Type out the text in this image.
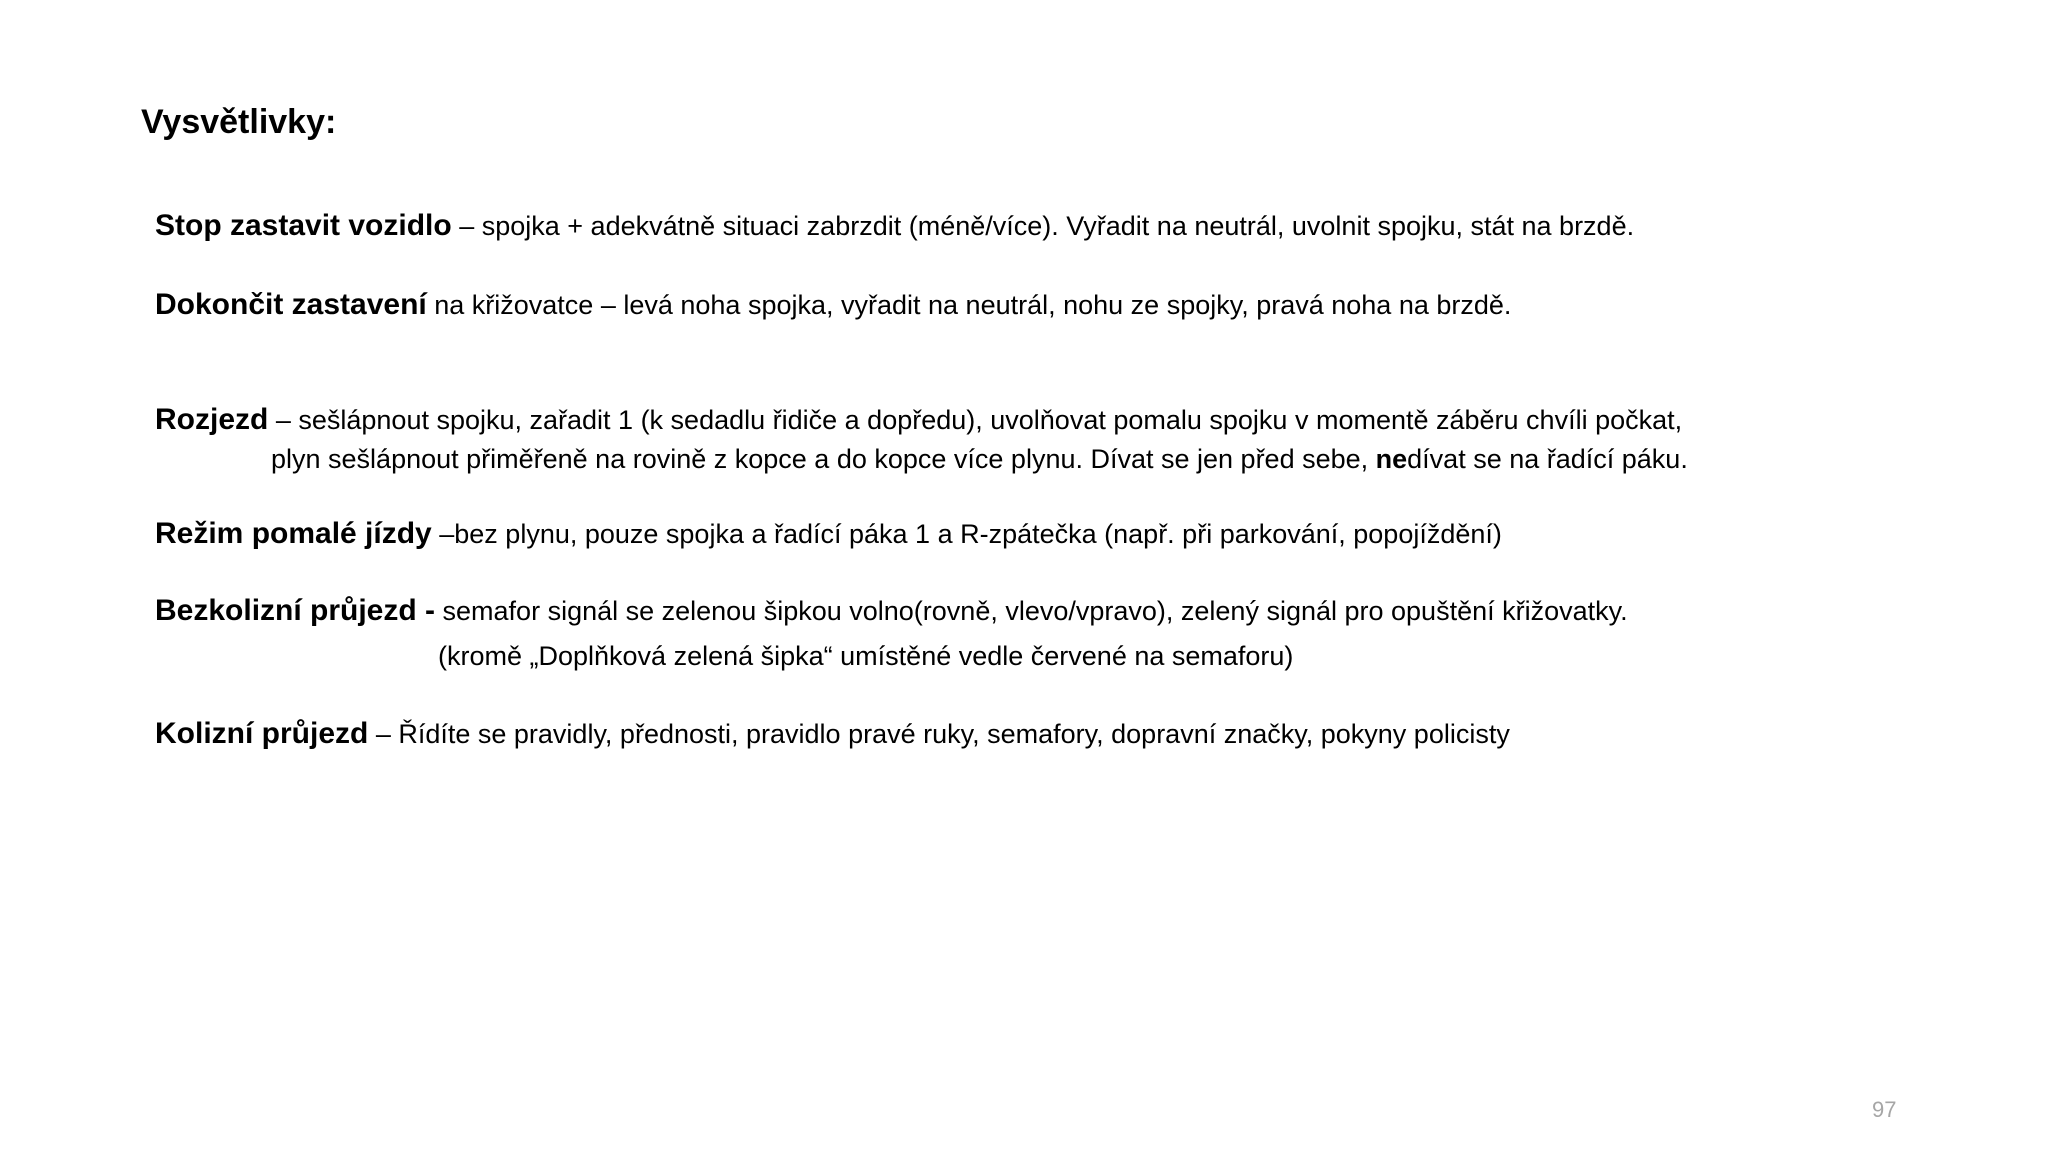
Vysvětlivky:
Stop zastavit vozidlo – spojka + adekvátně situaci zabrzdit (méně/více). Vyřadit na neutrál, uvolnit spojku, stát na brzdě.
Dokončit zastavení na křižovatce – levá noha spojka, vyřadit na neutrál, nohu ze spojky, pravá noha na brzdě.
Rozjezd – sešlápnout spojku, zařadit 1 (k sedadlu řidiče a dopředu), uvolňovat pomalu spojku v momentě záběru chvíli počkat,
plyn sešlápnout přiměřeně na rovině z kopce a do kopce více plynu. Dívat se jen před sebe, nedívat se na řadící páku.
Režim pomalé jízdy –bez plynu, pouze spojka a řadící páka 1 a R-zpátečka (např. při parkování, popojíždění)
Bezkolizní průjezd - semafor signál se zelenou šipkou volno(rovně, vlevo/vpravo), zelený signál pro opuštění křižovatky.
(kromě „Doplňková zelená šipka“ umístěné vedle červené na semaforu)
Kolizní průjezd – Řídíte se pravidly, přednosti, pravidlo pravé ruky, semafory, dopravní značky, pokyny policisty
97
